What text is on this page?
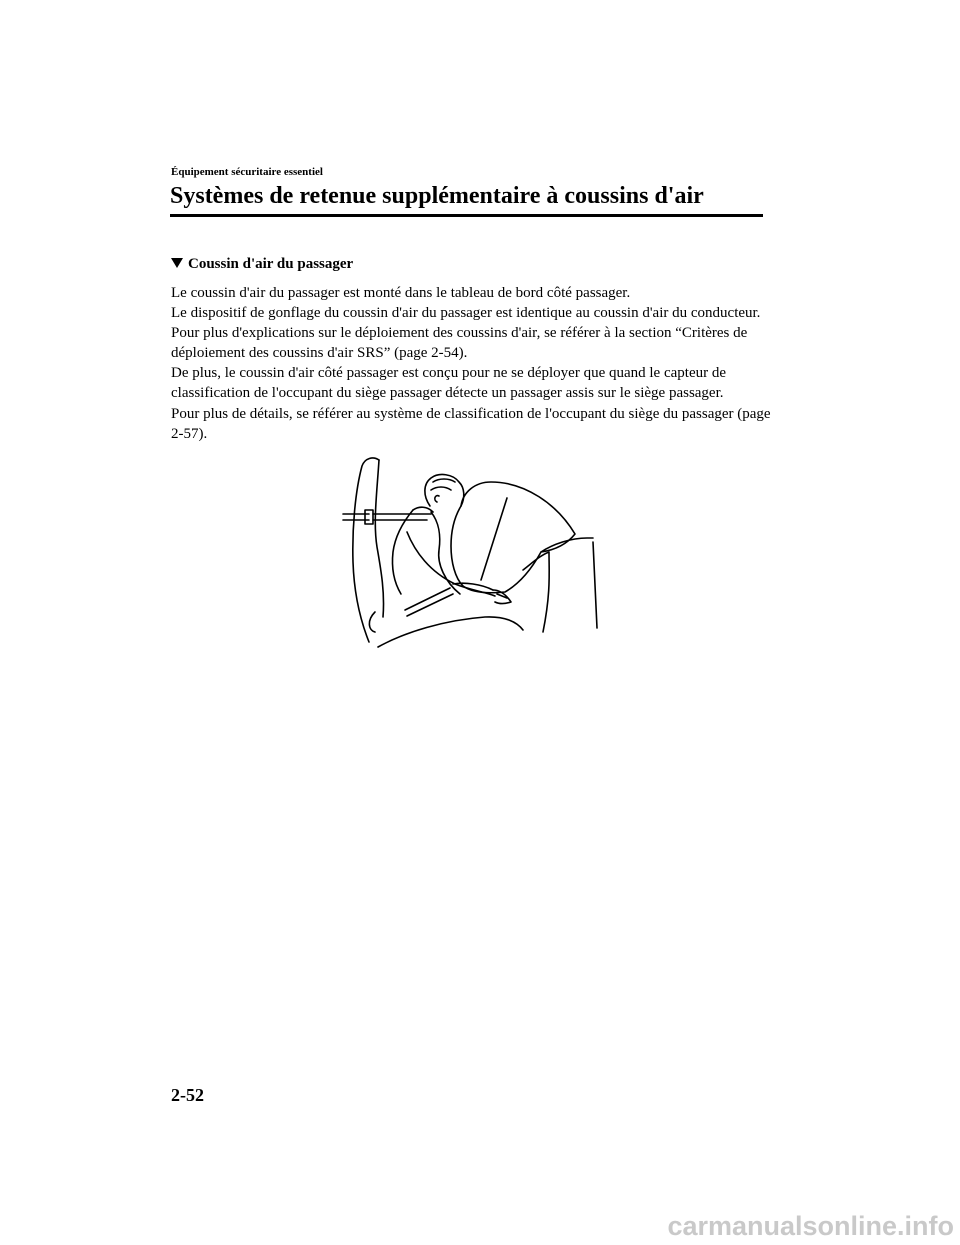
Équipement sécuritaire essentiel
Systèmes de retenue supplémentaire à coussins d'air
Coussin d'air du passager

Le coussin d'air du passager est monté dans le tableau de bord côté passager.

Le dispositif de gonflage du coussin d'air du passager est identique au coussin d'air du conducteur.

Pour plus d'explications sur le déploiement des coussins d'air, se référer à la section “Critères de déploiement des coussins d'air SRS” (page 2-54).

De plus, le coussin d'air côté passager est conçu pour ne se déployer que quand le capteur de classification de l'occupant du siège passager détecte un passager assis sur le siège passager.

Pour plus de détails, se référer au système de classification de l'occupant du siège du passager (page 2-57).

2-52
carmanualsonline.info
